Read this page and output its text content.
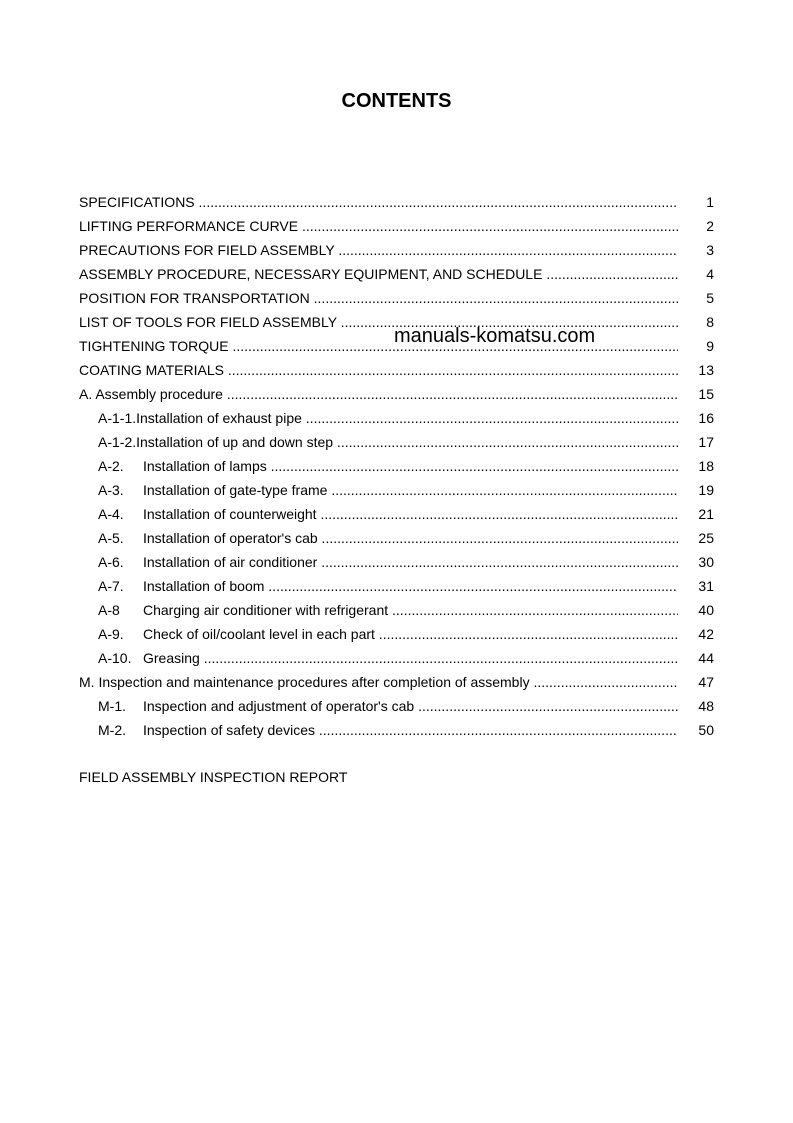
CONTENTS
SPECIFICATIONS .....	1
LIFTING PERFORMANCE CURVE .....	2
PRECAUTIONS FOR FIELD ASSEMBLY .....	3
ASSEMBLY PROCEDURE, NECESSARY EQUIPMENT, AND SCHEDULE .....	4
POSITION FOR TRANSPORTATION .....	5
LIST OF TOOLS FOR FIELD ASSEMBLY .....	8
TIGHTENING TORQUE .....	9
COATING MATERIALS .....	13
A. Assembly procedure .....	15
A-1-1.Installation of exhaust pipe .....	16
A-1-2.Installation of up and down step .....	17
A-2. Installation of lamps .....	18
A-3. Installation of gate-type frame .....	19
A-4. Installation of counterweight .....	21
A-5. Installation of operator's cab .....	25
A-6. Installation of air conditioner .....	30
A-7. Installation of boom .....	31
A-8 Charging air conditioner with refrigerant .....	40
A-9. Check of oil/coolant level in each part .....	42
A-10. Greasing .....	44
M. Inspection and maintenance procedures after completion of assembly .....	47
M-1. Inspection and adjustment of operator's cab .....	48
M-2. Inspection of safety devices .....	50
manuals-komatsu.com
FIELD ASSEMBLY INSPECTION REPORT
